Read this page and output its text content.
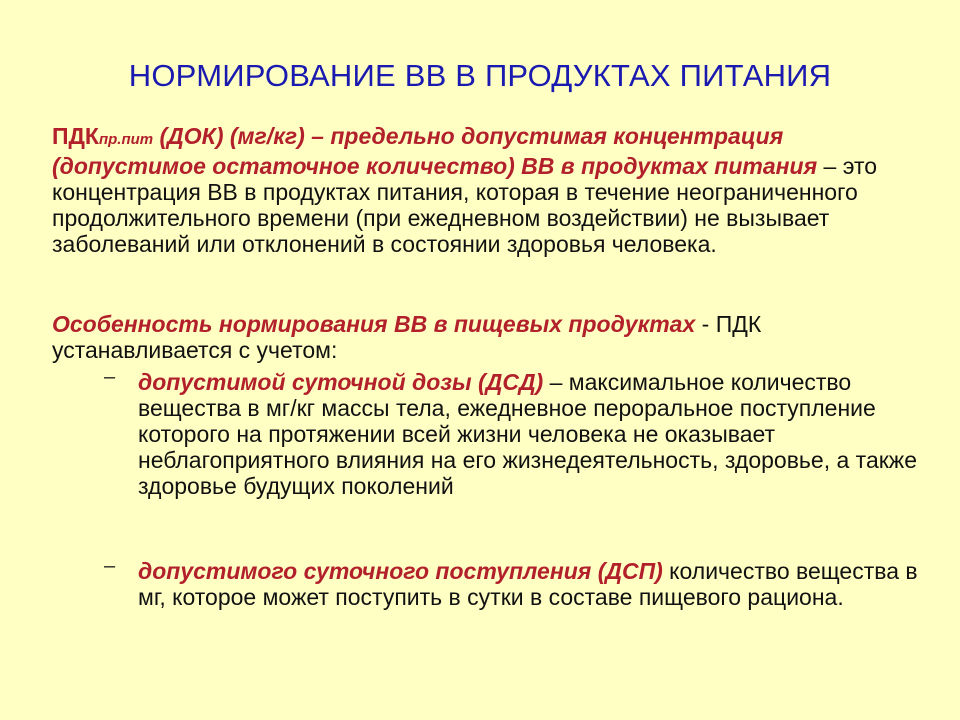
НОРМИРОВАНИЕ ВВ В ПРОДУКТАХ ПИТАНИЯ
ПДКпр.пит (ДОК) (мг/кг) – предельно допустимая концентрация (допустимое остаточное количество) ВВ в продуктах питания – это концентрация ВВ в продуктах питания, которая в течение неограниченного продолжительного времени (при ежедневном воздействии) не вызывает заболеваний или отклонений в состоянии здоровья человека.
Особенность нормирования ВВ в пищевых продуктах - ПДК устанавливается с учетом:
– допустимой суточной дозы (ДСД) – максимальное количество вещества в мг/кг массы тела, ежедневное пероральное поступление которого на протяжении всей жизни человека не оказывает неблагоприятного влияния на его жизнедеятельность, здоровье, а также здоровье будущих поколений
– допустимого суточного поступления (ДСП) количество вещества в мг, которое может поступить в сутки в составе пищевого рациона.
